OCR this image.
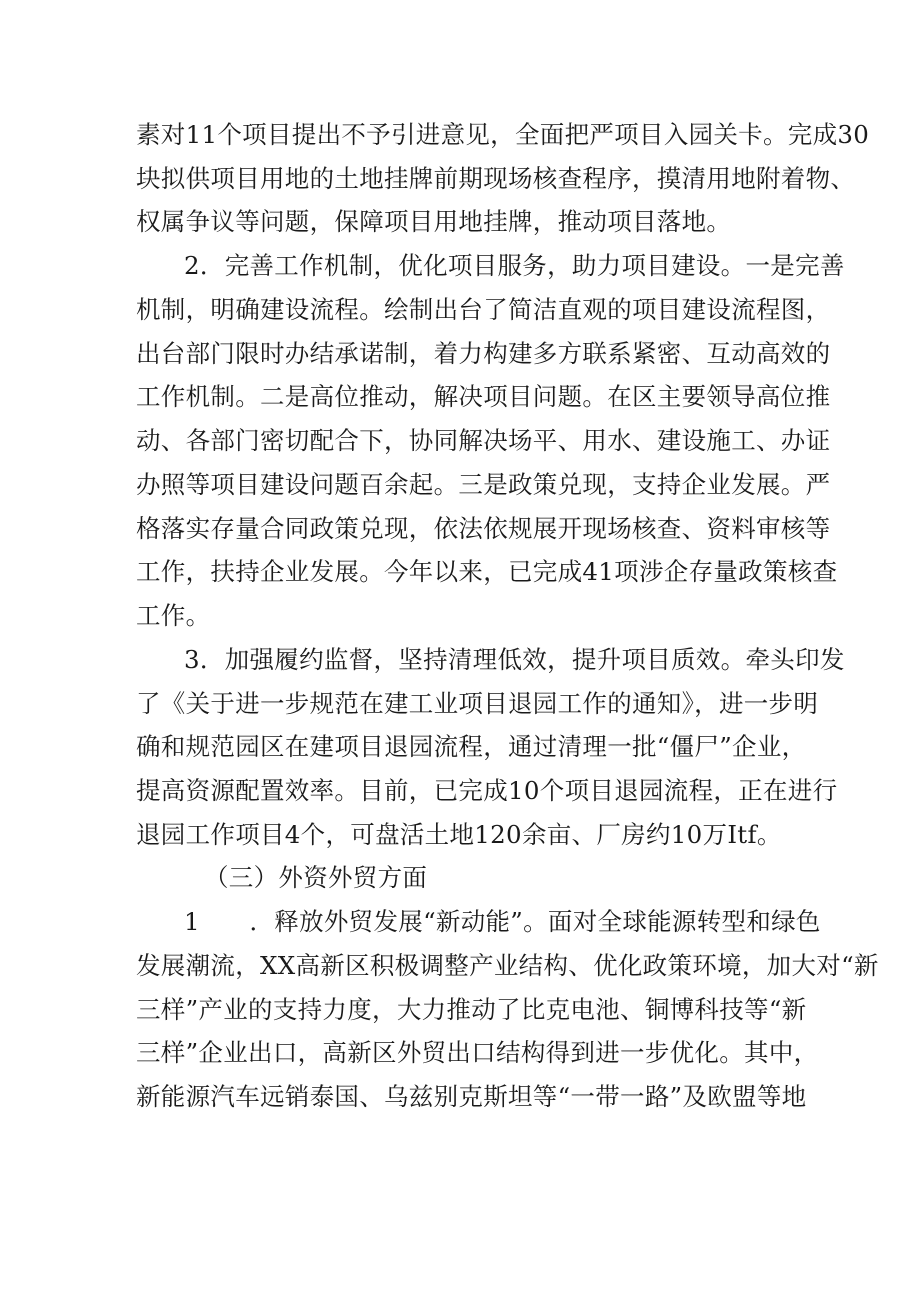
素对11个项目提出不予引进意见，全面把严项目入园关卡。完成30
块拟供项目用地的土地挂牌前期现场核查程序，摸清用地附着物、
权属争议等问题，保障项目用地挂牌，推动项目落地。
2．完善工作机制，优化项目服务，助力项目建设。一是完善
机制，明确建设流程。绘制出台了简洁直观的项目建设流程图，
出台部门限时办结承诺制，着力构建多方联系紧密、互动高效的
工作机制。二是高位推动，解决项目问题。在区主要领导高位推
动、各部门密切配合下，协同解决场平、用水、建设施工、办证
办照等项目建设问题百余起。三是政策兑现，支持企业发展。严
格落实存量合同政策兑现，依法依规展开现场核查、资料审核等
工作，扶持企业发展。今年以来，已完成41项涉企存量政策核查
工作。
3．加强履约监督，坚持清理低效，提升项目质效。牵头印发
了《关于进一步规范在建工业项目退园工作的通知》，进一步明
确和规范园区在建项目退园流程，通过清理一批“僵尸”企业，
提高资源配置效率。目前，已完成10个项目退园流程，正在进行
退园工作项目4个，可盘活土地120余亩、厂房约10万Itf。
（三）外资外贸方面
1　　．释放外贸发展“新动能”。面对全球能源转型和绿色
发展潮流，XX高新区积极调整产业结构、优化政策环境，加大对“新
三样”产业的支持力度，大力推动了比克电池、铜博科技等“新
三样”企业出口，高新区外贸出口结构得到进一步优化。其中，
新能源汽车远销泰国、乌兹别克斯坦等“一带一路”及欧盟等地
